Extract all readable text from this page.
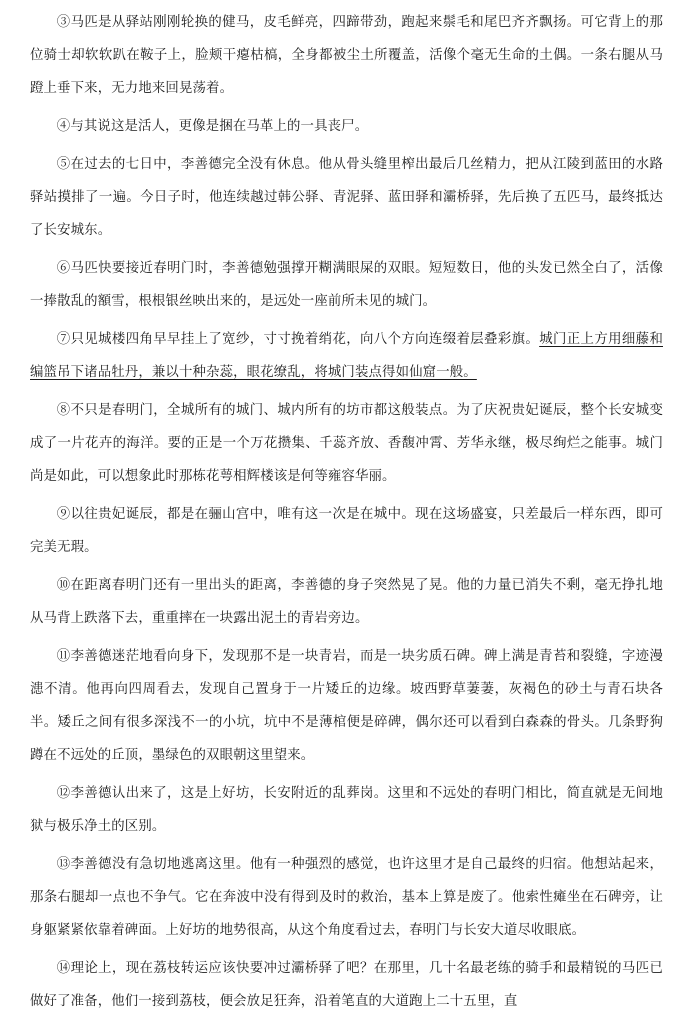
③马匹是从驿站刚刚轮换的健马，皮毛鲜亮，四蹄带劲，跑起来鬃毛和尾巴齐齐飘扬。可它背上的那位骑士却软软趴在鞍子上，脸颊干瘪枯槁，全身都被尘土所覆盖，活像个毫无生命的土偶。一条右腿从马蹬上垂下来，无力地来回晃荡着。

④与其说这是活人，更像是捆在马革上的一具丧尸。

⑤在过去的七日中，李善德完全没有休息。他从骨头缝里榨出最后几丝精力，把从江陵到蓝田的水路驿站摸排了一遍。今日子时，他连续越过韩公驿、青泥驿、蓝田驿和灞桥驿，先后换了五匹马，最终抵达了长安城东。

⑥马匹快要接近春明门时，李善德勉强撑开糊满眼屎的双眼。短短数日，他的头发已然全白了，活像一捧散乱的額雪，根根银丝映出来的，是远处一座前所未见的城门。

⑦只见城楼四角早早挂上了宽纱，寸寸挽着绡花，向八个方向连缀着层叠彩旗。城门正上方用细藤和编篮吊下诸品牡丹，兼以十种杂蕊，眼花缭乱，将城门装点得如仙窟一般。

⑧不只是春明门，全城所有的城门、城内所有的坊市都这般装点。为了庆祝贵妃诞辰，整个长安城变成了一片花卉的海洋。要的正是一个万花攒集、千蕊齐放、香馥冲霄、芳华永继，极尽绚烂之能事。城门尚是如此，可以想象此时那栋花萼相辉楼该是何等雍容华丽。

⑨以往贵妃诞辰，都是在骊山宫中，唯有这一次是在城中。现在这场盛宴，只差最后一样东西，即可完美无瑕。

⑩在距离春明门还有一里出头的距离，李善德的身子突然晃了晃。他的力量已消失不剩，毫无挣扎地从马背上跌落下去，重重摔在一块露出泥土的青岩旁边。

⑪李善德迷茫地看向身下，发现那不是一块青岩，而是一块劣质石碑。碑上满是青苔和裂缝，字迹漫漶不清。他再向四周看去，发现自己置身于一片矮丘的边缘。坡西野草萋萋，灰褐色的砂土与青石块各半。矮丘之间有很多深浅不一的小坑，坑中不是薄棺便是碎碑，偶尔还可以看到白森森的骨头。几条野狗蹲在不远处的丘顶，墨绿色的双眼朝这里望来。

⑫李善德认出来了，这是上好坊，长安附近的乱葬岗。这里和不远处的春明门相比，简直就是无间地狱与极乐净土的区别。

⑬李善德没有急切地逃离这里。他有一种强烈的感觉，也许这里才是自己最终的归宿。他想站起来，那条右腿却一点也不争气。它在奔波中没有得到及时的救治，基本上算是废了。他索性瘫坐在石碑旁，让身躯紧紧依靠着碑面。上好坊的地势很高，从这个角度看过去，春明门与长安大道尽收眼底。

⑭理论上，现在荔枝转运应该快要冲过灞桥驿了吧？在那里，几十名最老练的骑手和最精锐的马匹已做好了准备，他们一接到荔枝，便会放足狂奔，沿着笔直的大道跑上二十五里，直
